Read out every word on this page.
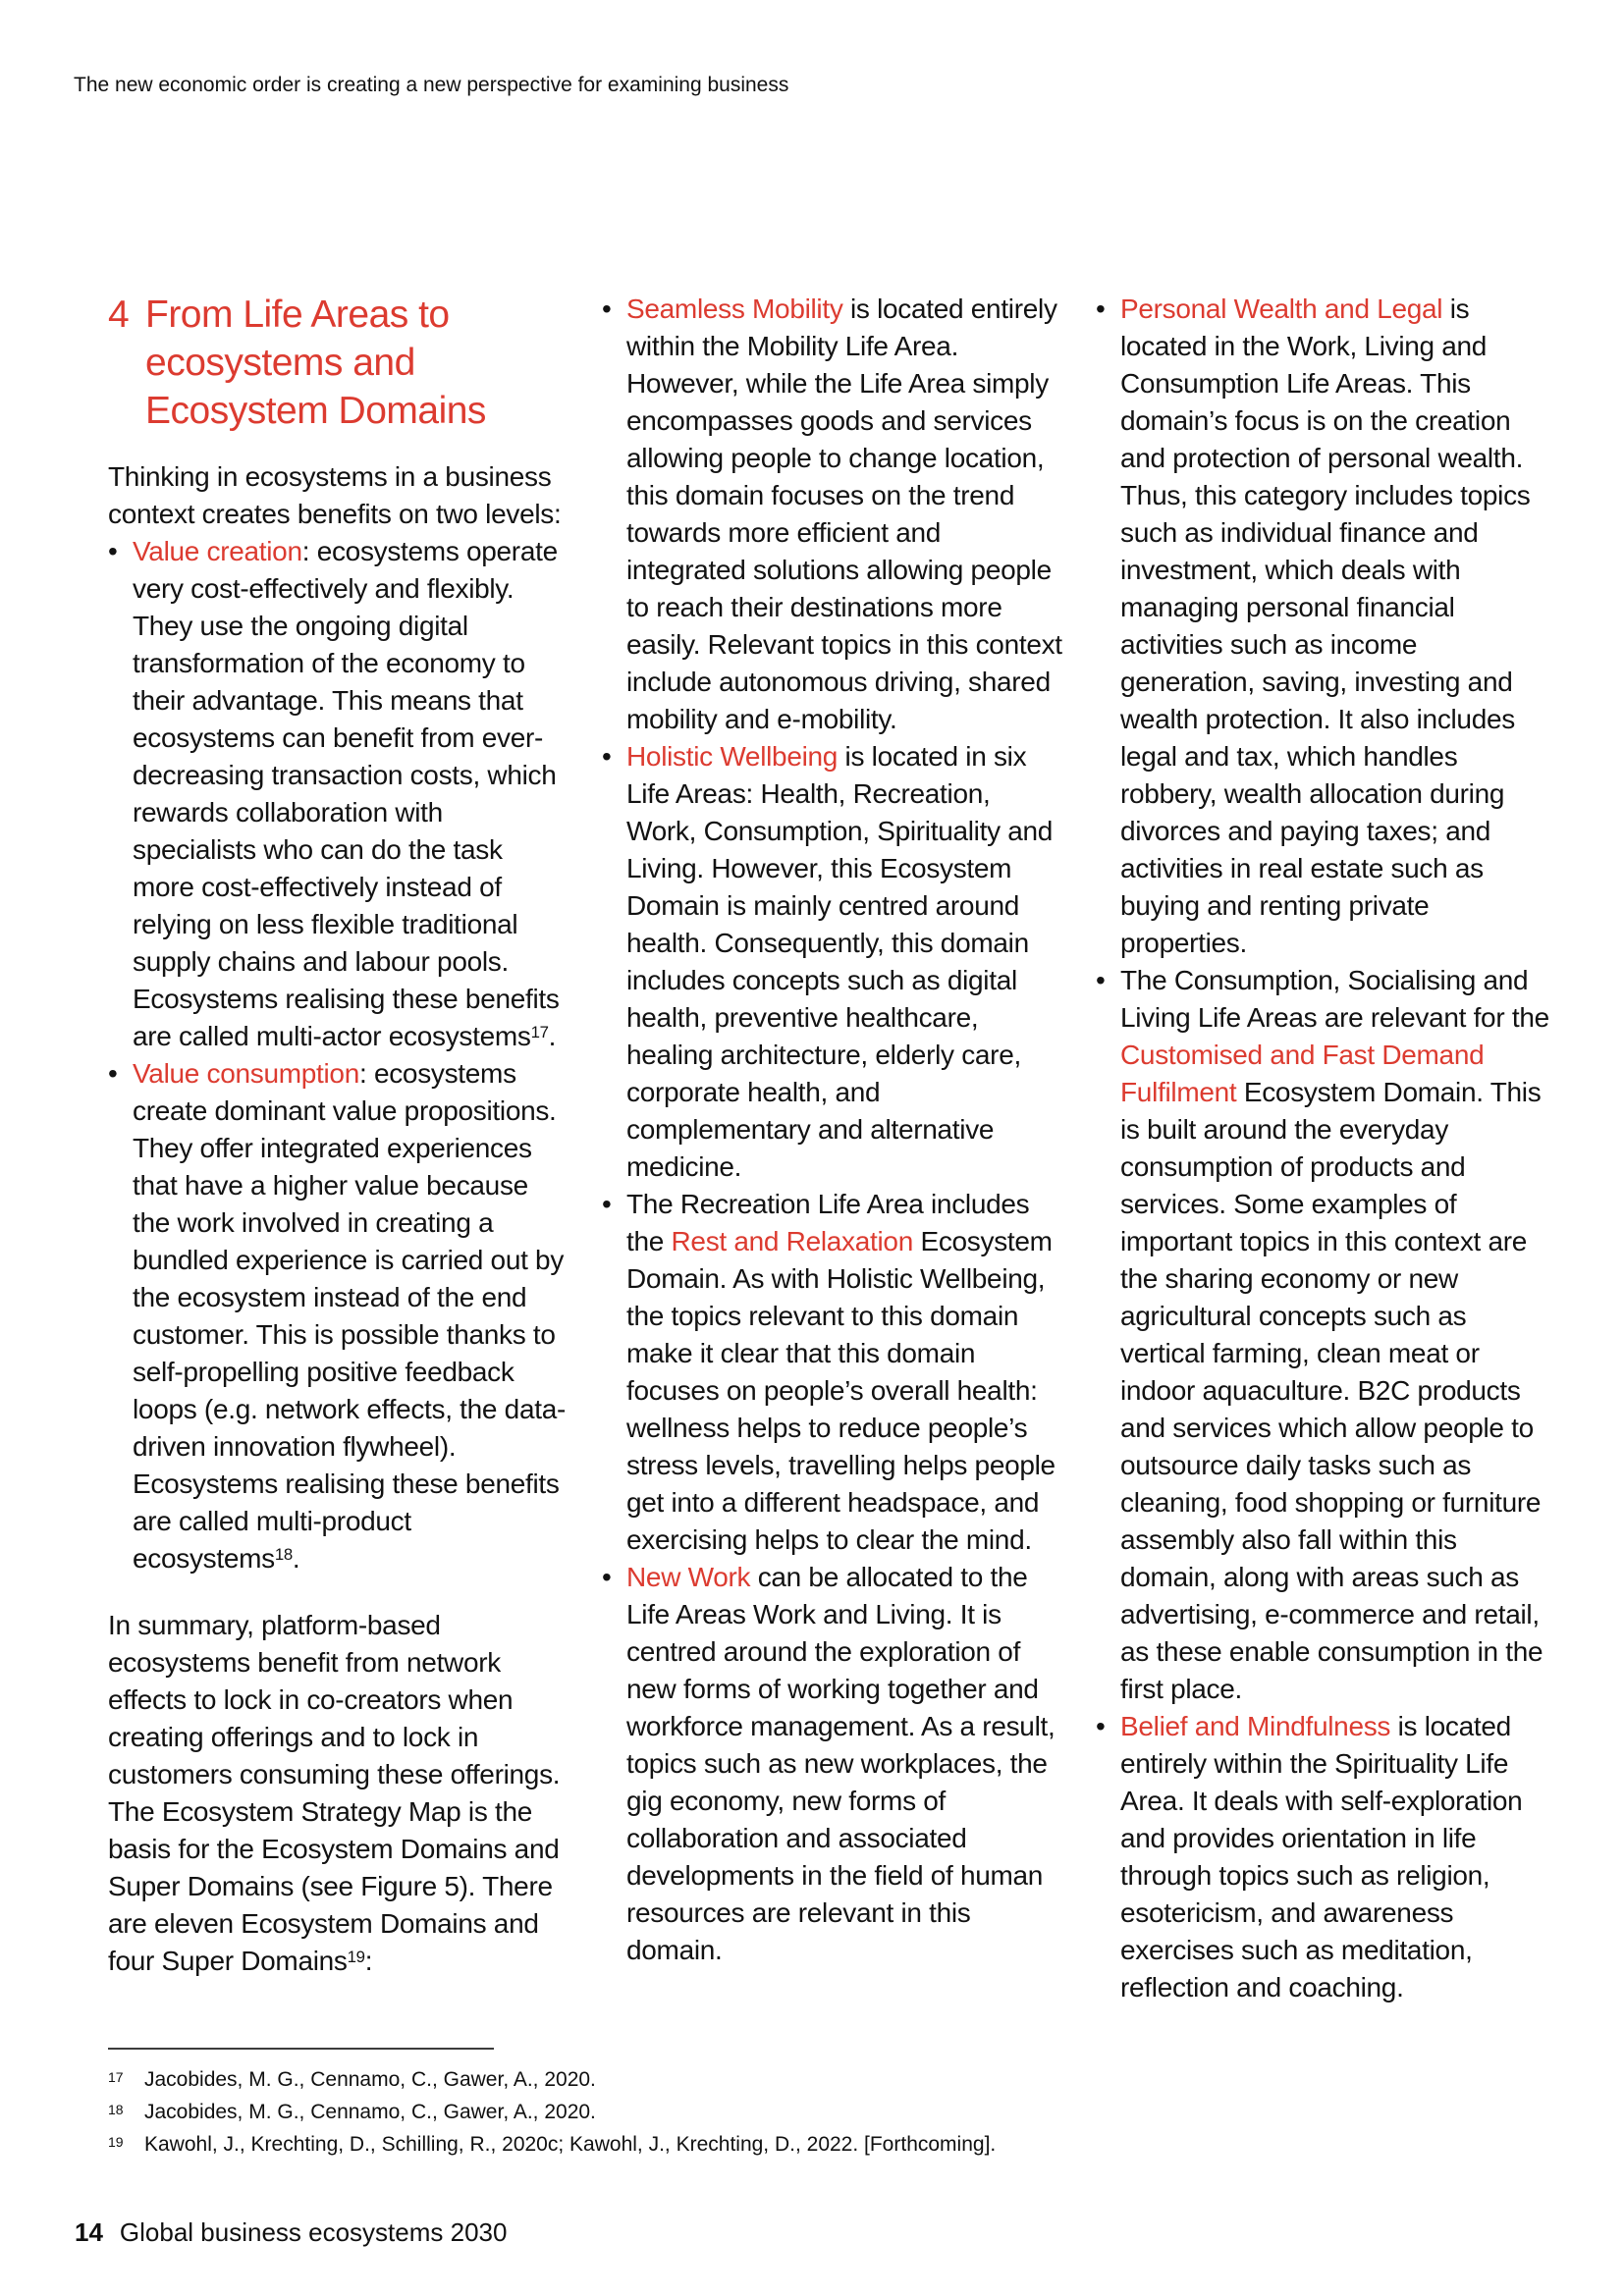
The new economic order is creating a new perspective for examining business
4 From Life Areas to
ecosystems and
Ecosystem Domains

Thinking in ecosystems in a business context creates benefits on two levels:

• Value creation: ecosystems operate very cost-effectively and flexibly. They use the ongoing digital transformation of the economy to their advantage. This means that ecosystems can benefit from ever-decreasing transaction costs, which rewards collaboration with specialists who can do the task more cost-effectively instead of relying on less flexible traditional supply chains and labour pools. Ecosystems realising these benefits are called multi-actor ecosystems$^{17}$.
• Value consumption: ecosystems create dominant value propositions. They offer integrated experiences that have a higher value because the work involved in creating a bundled experience is carried out by the ecosystem instead of the end customer. This is possible thanks to self-propelling positive feedback loops (e.g. network effects, the data-driven innovation flywheel). Ecosystems realising these benefits are called multi-product ecosystems$^{18}$.

In summary, platform-based ecosystems benefit from network effects to lock in co-creators when creating offerings and to lock in customers consuming these offerings. The Ecosystem Strategy Map is the basis for the Ecosystem Domains and Super Domains (see Figure 5). There are eleven Ecosystem Domains and four Super Domains$^{19}$:

• Seamless Mobility is located entirely within the Mobility Life Area. However, while the Life Area simply encompasses goods and services allowing people to change location, this domain focuses on the trend towards more efficient and integrated solutions allowing people to reach their destinations more easily. Relevant topics in this context include autonomous driving, shared mobility and e-mobility.
• Holistic Wellbeing is located in six Life Areas: Health, Recreation, Work, Consumption, Spirituality and Living. However, this Ecosystem Domain is mainly centred around health. Consequently, this domain includes concepts such as digital health, preventive healthcare, healing architecture, elderly care, corporate health, and complementary and alternative medicine.
• The Recreation Life Area includes the Rest and Relaxation Ecosystem Domain. As with Holistic Wellbeing, the topics relevant to this domain make it clear that this domain focuses on people’s overall health: wellness helps to reduce people’s stress levels, travelling helps people get into a different headspace, and exercising helps to clear the mind.
• New Work can be allocated to the Life Areas Work and Living. It is centred around the exploration of new forms of working together and workforce management. As a result, topics such as new workplaces, the gig economy, new forms of collaboration and associated developments in the field of human resources are relevant in this domain.
• Personal Wealth and Legal is located in the Work, Living and Consumption Life Areas. This domain’s focus is on the creation and protection of personal wealth. Thus, this category includes topics such as individual finance and investment, which deals with managing personal financial activities such as income generation, saving, investing and wealth protection. It also includes legal and tax, which handles robbery, wealth allocation during divorces and paying taxes; and activities in real estate such as buying and renting private properties.
• The Consumption, Socialising and Living Life Areas are relevant for the Customised and Fast Demand Fulfilment Ecosystem Domain. This is built around the everyday consumption of products and services. Some examples of important topics in this context are the sharing economy or new agricultural concepts such as vertical farming, clean meat or indoor aquaculture. B2C products and services which allow people to outsource daily tasks such as cleaning, food shopping or furniture assembly also fall within this domain, along with areas such as advertising, e-commerce and retail, as these enable consumption in the first place.
• Belief and Mindfulness is located entirely within the Spirituality Life Area. It deals with self-exploration and provides orientation in life through topics such as religion, esotericism, and awareness exercises such as meditation, reflection and coaching.
17	Jacobides, M. G., Cennamo, C., Gawer, A., 2020.
18	Jacobides, M. G., Cennamo, C., Gawer, A., 2020.
19	Kawohl, J., Krechting, D., Schilling, R., 2020c; Kawohl, J., Krechting, D., 2022. [Forthcoming].
14 Global business ecosystems 2030
